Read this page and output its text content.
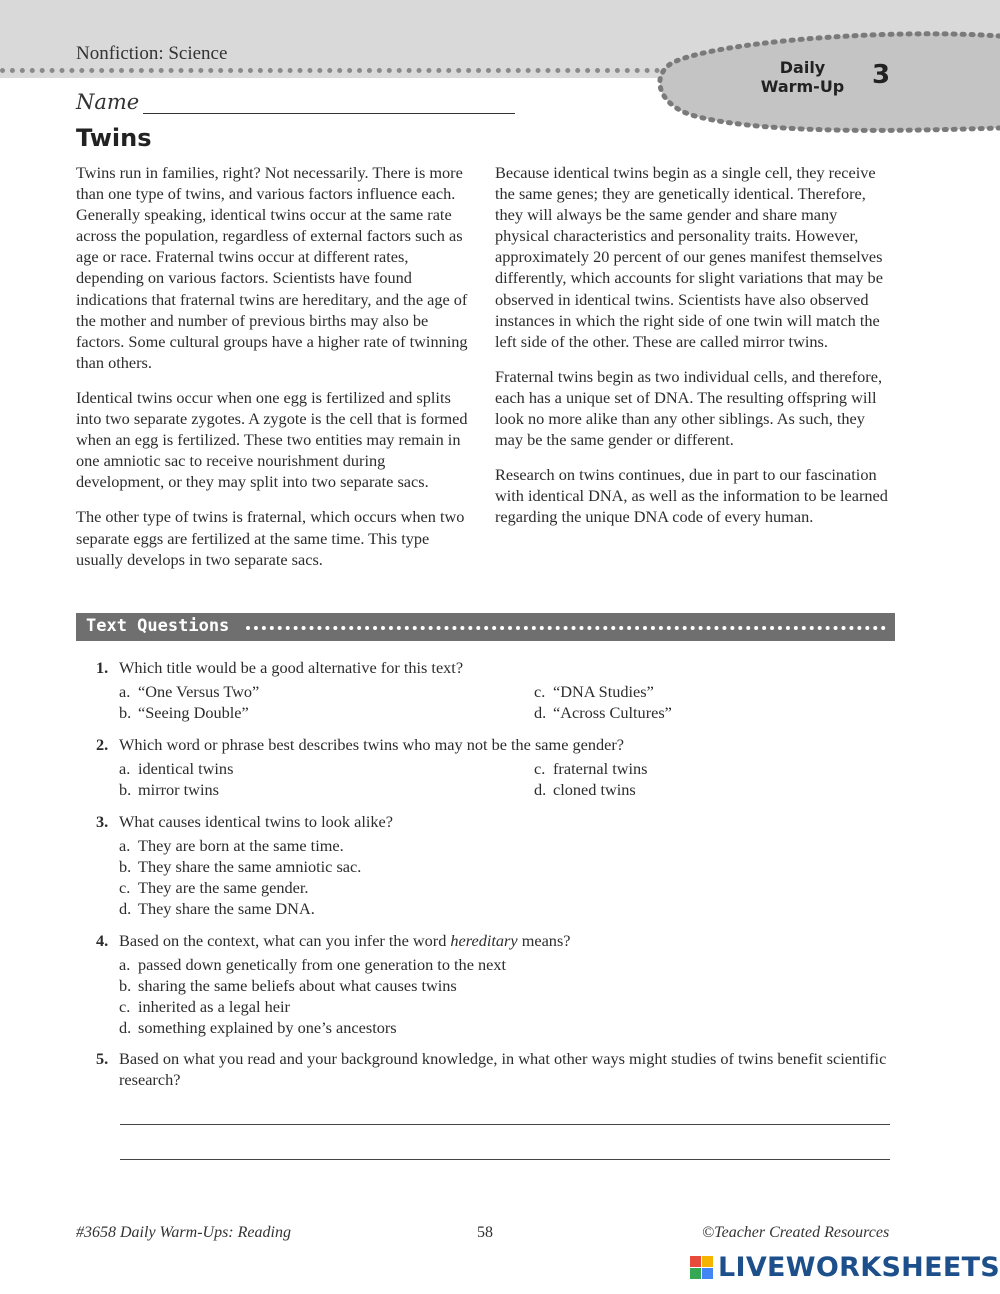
Nonfiction: Science
Daily
Warm-Up	3
Name
Twins

Twins run in families, right? Not necessarily. There is more than one type of twins, and various factors influence each. Generally speaking, identical twins occur at the same rate across the population, regardless of external factors such as age or race. Fraternal twins occur at different rates, depending on various factors. Scientists have found indications that fraternal twins are hereditary, and the age of the mother and number of previous births may also be factors. Some cultural groups have a higher rate of twinning than others.

Identical twins occur when one egg is fertilized and splits into two separate zygotes. A zygote is the cell that is formed when an egg is fertilized. These two entities may remain in one amniotic sac to receive nourishment during development, or they may split into two separate sacs.

The other type of twins is fraternal, which occurs when two separate eggs are fertilized at the same time. This type usually develops in two separate sacs.

Because identical twins begin as a single cell, they receive the same genes; they are genetically identical. Therefore, they will always be the same gender and share many physical characteristics and personality traits. However, approximately 20 percent of our genes manifest themselves differently, which accounts for slight variations that may be observed in identical twins. Scientists have also observed instances in which the right side of one twin will match the left side of the other. These are called mirror twins.

Fraternal twins begin as two individual cells, and therefore, each has a unique set of DNA. The resulting offspring will look no more alike than any other siblings. As such, they may be the same gender or different.

Research on twins continues, due in part to our fascination with identical DNA, as well as the information to be learned regarding the unique DNA code of every human.

Text Questions
1. Which title would be a good alternative for this text?
a. “One Versus Two”
b. “Seeing Double”
c. “DNA Studies”
d. “Across Cultures”
2. Which word or phrase best describes twins who may not be the same gender?
a. identical twins
b. mirror twins
c. fraternal twins
d. cloned twins
3. What causes identical twins to look alike?
a. They are born at the same time.
b. They share the same amniotic sac.
c. They are the same gender.
d. They share the same DNA.
4. Based on the context, what can you infer the word hereditary means?
a. passed down genetically from one generation to the next
b. sharing the same beliefs about what causes twins
c. inherited as a legal heir
d. something explained by one’s ancestors
5. Based on what you read and your background knowledge, in what other ways might studies of twins benefit scientific research?
#3658 Daily Warm-Ups: Reading	58	©Teacher Created Resources
LIVEWORKSHEETS
